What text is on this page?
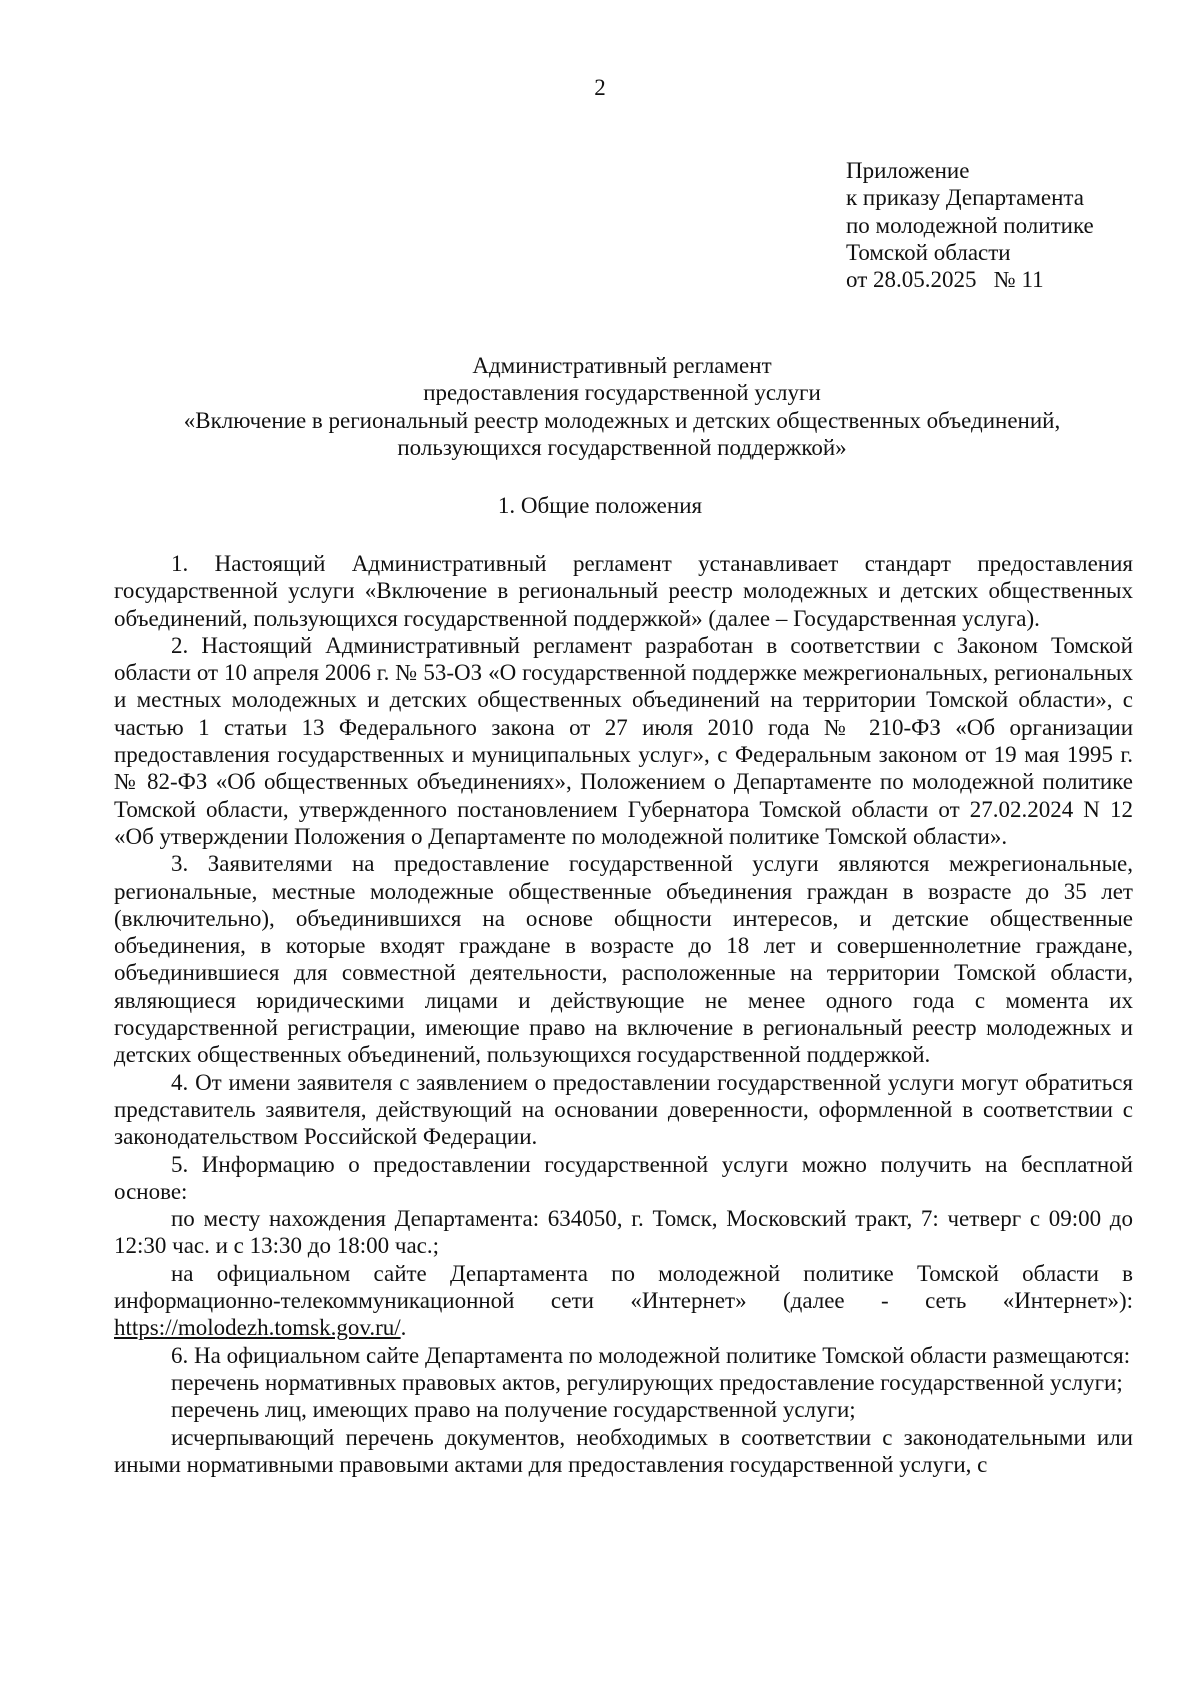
2
Приложение
к приказу Департамента
по молодежной политике
Томской области
от 28.05.2025   № 11
Административный регламент
предоставления государственной услуги
«Включение в региональный реестр молодежных и детских общественных объединений,
пользующихся государственной поддержкой»
1. Общие положения

1. Настоящий Административный регламент устанавливает стандарт предоставления государственной услуги «Включение в региональный реестр молодежных и детских общественных объединений, пользующихся государственной поддержкой» (далее – Государственная услуга).

2. Настоящий Административный регламент разработан в соответствии с Законом Томской области от 10 апреля 2006 г. № 53-ОЗ «О государственной поддержке межрегиональных, региональных и местных молодежных и детских общественных объединений на территории Томской области», с частью 1 статьи 13 Федерального закона от 27 июля 2010 года № 210-ФЗ «Об организации предоставления государственных и муниципальных услуг», с Федеральным законом от 19 мая 1995 г. № 82-ФЗ «Об общественных объединениях», Положением о Департаменте по молодежной политике Томской области, утвержденного постановлением Губернатора Томской области от 27.02.2024 N 12 «Об утверждении Положения о Департаменте по молодежной политике Томской области».

3. Заявителями на предоставление государственной услуги являются межрегиональные, региональные, местные молодежные общественные объединения граждан в возрасте до 35 лет (включительно), объединившихся на основе общности интересов, и детские общественные объединения, в которые входят граждане в возрасте до 18 лет и совершеннолетние граждане, объединившиеся для совместной деятельности, расположенные на территории Томской области, являющиеся юридическими лицами и действующие не менее одного года с момента их государственной регистрации, имеющие право на включение в региональный реестр молодежных и детских общественных объединений, пользующихся государственной поддержкой.

4. От имени заявителя с заявлением о предоставлении государственной услуги могут обратиться представитель заявителя, действующий на основании доверенности, оформленной в соответствии с законодательством Российской Федерации.

5. Информацию о предоставлении государственной услуги можно получить на бесплатной основе:

по месту нахождения Департамента: 634050, г. Томск, Московский тракт, 7: четверг с 09:00 до 12:30 час. и с 13:30 до 18:00 час.;

на официальном сайте Департамента по молодежной политике Томской области в информационно-телекоммуникационной сети «Интернет» (далее - сеть «Интернет»): https://molodezh.tomsk.gov.ru/.

6. На официальном сайте Департамента по молодежной политике Томской области размещаются:

перечень нормативных правовых актов, регулирующих предоставление государственной услуги;

перечень лиц, имеющих право на получение государственной услуги;

исчерпывающий перечень документов, необходимых в соответствии с законодательными или иными нормативными правовыми актами для предоставления государственной услуги, с
